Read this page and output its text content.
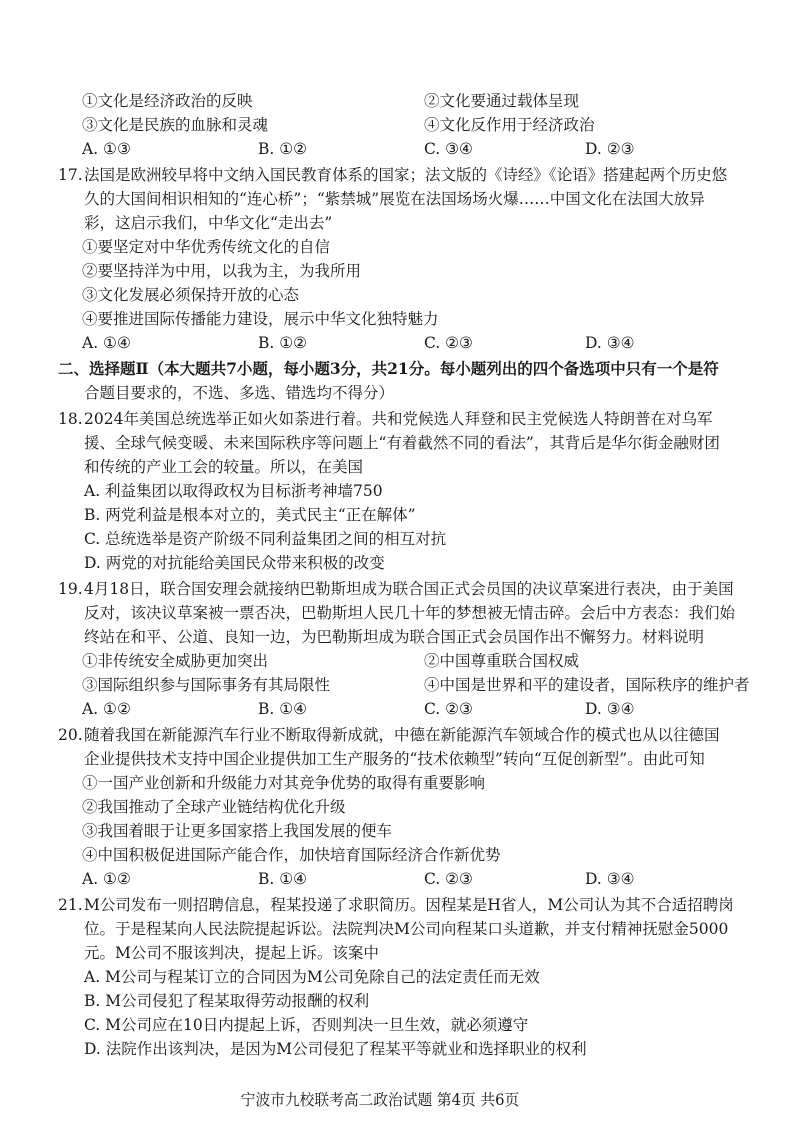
①文化是经济政治的反映	②文化要通过载体呈现
③文化是民族的血脉和灵魂	④文化反作用于经济政治
A. ①③	B. ①②	C. ③④	D. ②③
17. 法国是欧洲较早将中文纳入国民教育体系的国家；法文版的《诗经》《论语》搭建起两个历史悠
久的大国间相识相知的“连心桥”；“紫禁城”展览在法国场场火爆……中国文化在法国大放异
彩，这启示我们，中华文化“走出去”
①要坚定对中华优秀传统文化的自信
②要坚持洋为中用，以我为主，为我所用
③文化发展必须保持开放的心态
④要推进国际传播能力建设，展示中华文化独特魅力
A. ①④	B. ①②	C. ②③	D. ③④
二、选择题Ⅱ（本大题共7小题，每小题3分，共21分。每小题列出的四个备选项中只有一个是符
合题目要求的，不选、多选、错选均不得分）
18. 2024年美国总统选举正如火如荼进行着。共和党候选人拜登和民主党候选人特朗普在对乌军
援、全球气候变暖、未来国际秩序等问题上“有着截然不同的看法”，其背后是华尔街金融财团
和传统的产业工会的较量。所以，在美国
A. 利益集团以取得政权为目标浙考神墙750
B. 两党利益是根本对立的，美式民主“正在解体”
C. 总统选举是资产阶级不同利益集团之间的相互对抗
D. 两党的对抗能给美国民众带来积极的改变
19. 4月18日，联合国安理会就接纳巴勒斯坦成为联合国正式会员国的决议草案进行表决，由于美国
反对，该决议草案被一票否决，巴勒斯坦人民几十年的梦想被无情击碎。会后中方表态：我们始
终站在和平、公道、良知一边，为巴勒斯坦成为联合国正式会员国作出不懈努力。材料说明
①非传统安全威胁更加突出	②中国尊重联合国权威
③国际组织参与国际事务有其局限性	④中国是世界和平的建设者，国际秩序的维护者
A. ①②	B. ①④	C. ②③	D. ③④
20. 随着我国在新能源汽车行业不断取得新成就，中德在新能源汽车领域合作的模式也从以往德国
企业提供技术支持中国企业提供加工生产服务的“技术依赖型”转向“互促创新型”。由此可知
①一国产业创新和升级能力对其竞争优势的取得有重要影响
②我国推动了全球产业链结构优化升级
③我国着眼于让更多国家搭上我国发展的便车
④中国积极促进国际产能合作，加快培育国际经济合作新优势
A. ①②	B. ①④	C. ②③	D. ③④
21. M公司发布一则招聘信息，程某投递了求职简历。因程某是H省人，M公司认为其不合适招聘岗
位。于是程某向人民法院提起诉讼。法院判决M公司向程某口头道歉，并支付精神抚慰金5000
元。M公司不服该判决，提起上诉。该案中
A. M公司与程某订立的合同因为M公司免除自己的法定责任而无效
B. M公司侵犯了程某取得劳动报酬的权利
C. M公司应在10日内提起上诉，否则判决一旦生效，就必须遵守
D. 法院作出该判决，是因为M公司侵犯了程某平等就业和选择职业的权利
宁波市九校联考高二政治试题 第4页 共6页
